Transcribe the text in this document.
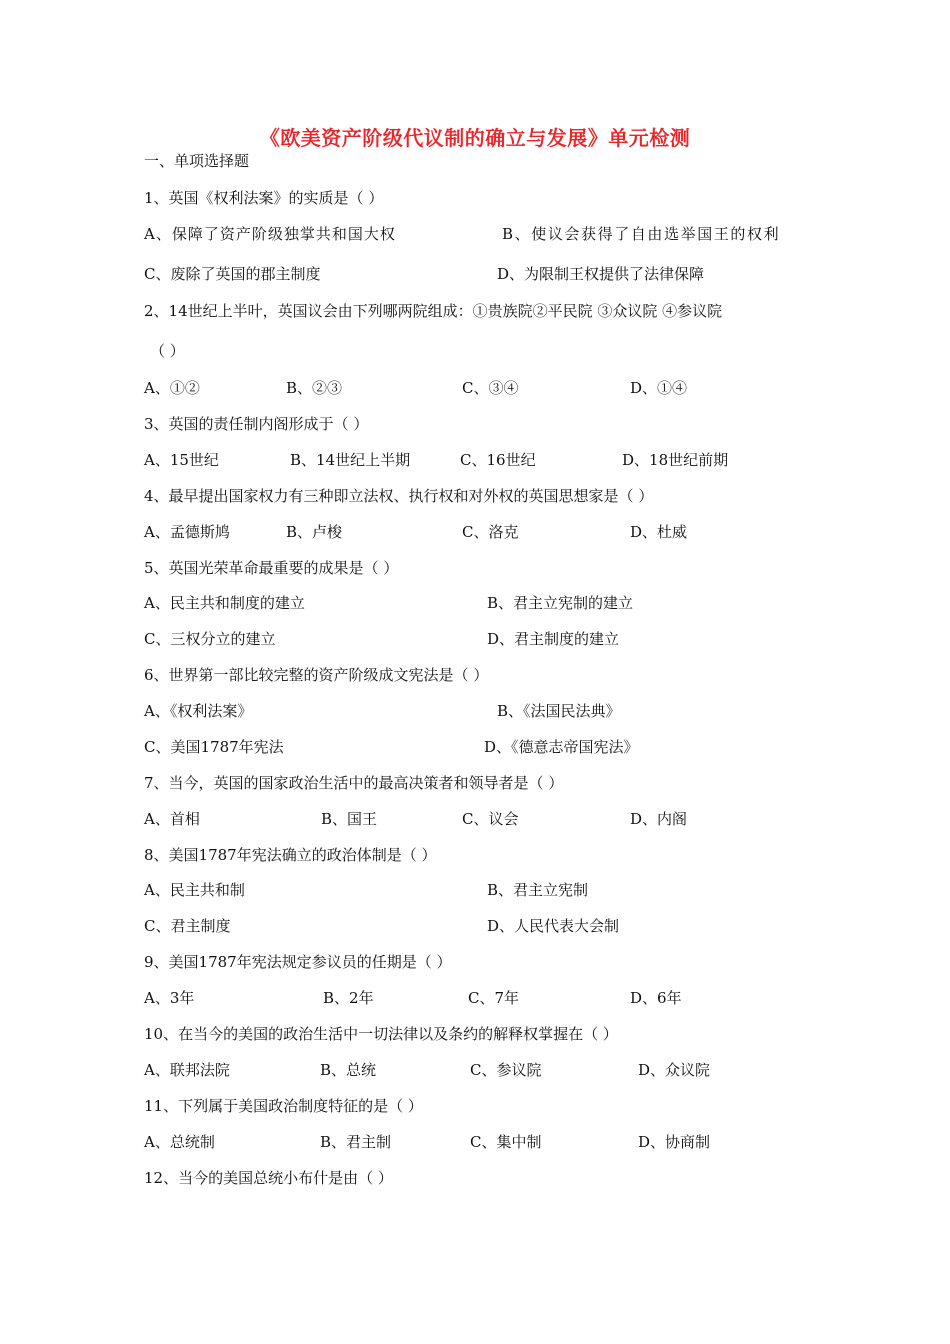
《欧美资产阶级代议制的确立与发展》单元检测
一、单项选择题
1、英国《权利法案》的实质是（ ）
A、保障了资产阶级独掌共和国大权	B、使议会获得了自由选举国王的权利
C、废除了英国的郡主制度	D、为限制王权提供了法律保障
2、14世纪上半叶，英国议会由下列哪两院组成：①贵族院②平民院 ③众议院 ④参议院
（ ）
A、①②	B、②③	C、③④	D、①④
3、英国的责任制内阁形成于（ ）
A、15世纪	B、14世纪上半期	C、16世纪	D、18世纪前期
4、最早提出国家权力有三种即立法权、执行权和对外权的英国思想家是（ ）
A、孟德斯鸠	B、卢梭	C、洛克	D、杜威
5、英国光荣革命最重要的成果是（ ）
A、民主共和制度的建立	B、君主立宪制的建立
C、三权分立的建立	D、君主制度的建立
6、世界第一部比较完整的资产阶级成文宪法是（ ）
A、《权利法案》	B、《法国民法典》
C、美国1787年宪法	D、《德意志帝国宪法》
7、当今，英国的国家政治生活中的最高决策者和领导者是（ ）
A、首相	B、国王	C、议会	D、内阁
8、美国1787年宪法确立的政治体制是（ ）
A、民主共和制	B、君主立宪制
C、君主制度	D、人民代表大会制
9、美国1787年宪法规定参议员的任期是（ ）
A、3年	B、2年	C、7年	D、6年
10、在当今的美国的政治生活中一切法律以及条约的解释权掌握在（ ）
A、联邦法院	B、总统	C、参议院	D、众议院
11、下列属于美国政治制度特征的是（ ）
A、总统制	B、君主制	C、集中制	D、协商制
12、当今的美国总统小布什是由（ ）
